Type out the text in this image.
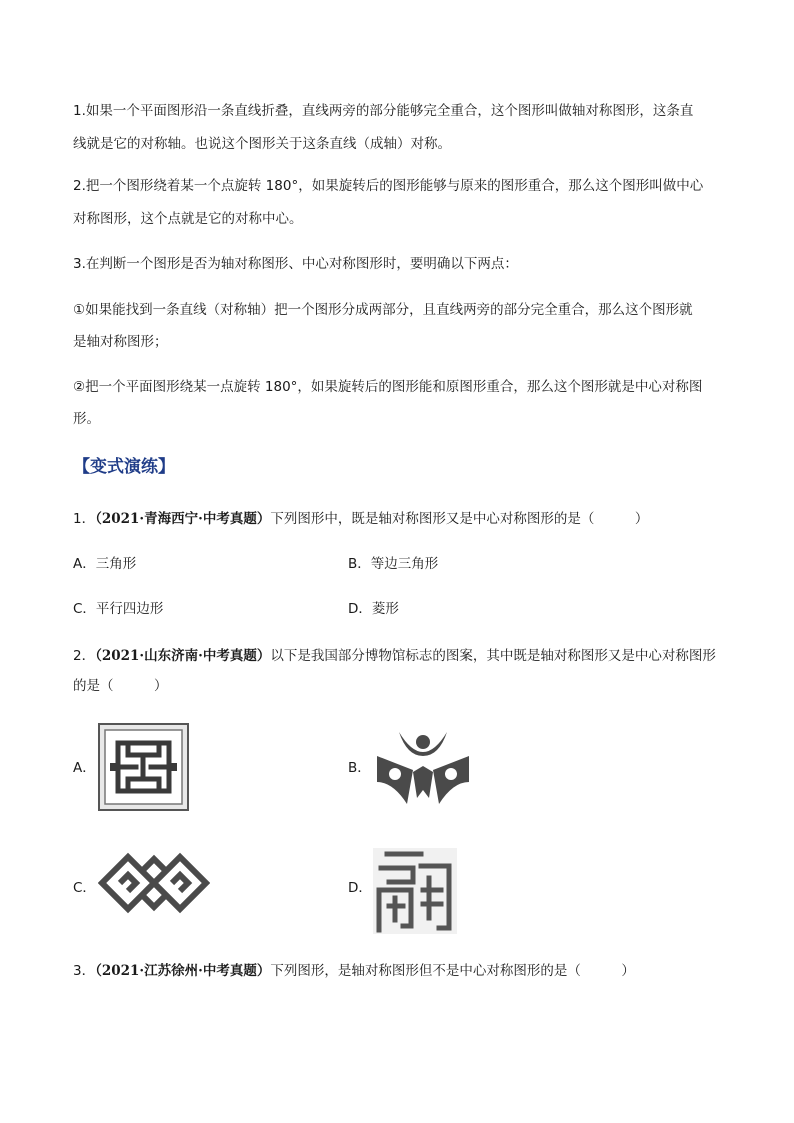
1.如果一个平面图形沿一条直线折叠，直线两旁的部分能够完全重合，这个图形叫做轴对称图形，这条直
线就是它的对称轴。也说这个图形关于这条直线（成轴）对称。
2.把一个图形绕着某一个点旋转 180°，如果旋转后的图形能够与原来的图形重合，那么这个图形叫做中心
对称图形，这个点就是它的对称中心。
3.在判断一个图形是否为轴对称图形、中心对称图形时，要明确以下两点：
①如果能找到一条直线（对称轴）把一个图形分成两部分，且直线两旁的部分完全重合，那么这个图形就
是轴对称图形；
②把一个平面图形绕某一点旋转 180°，如果旋转后的图形能和原图形重合，那么这个图形就是中心对称图
形。
【变式演练】
1．（2021·青海西宁·中考真题）下列图形中，既是轴对称图形又是中心对称图形的是（　　　）
A．三角形	B．等边三角形
C．平行四边形	D．菱形
2．（2021·山东济南·中考真题）以下是我国部分博物馆标志的图案，其中既是轴对称图形又是中心对称图形
的是（　　　）
A．	B．
C．	D．
3．（2021·江苏徐州·中考真题）下列图形，是轴对称图形但不是中心对称图形的是（　　　）
